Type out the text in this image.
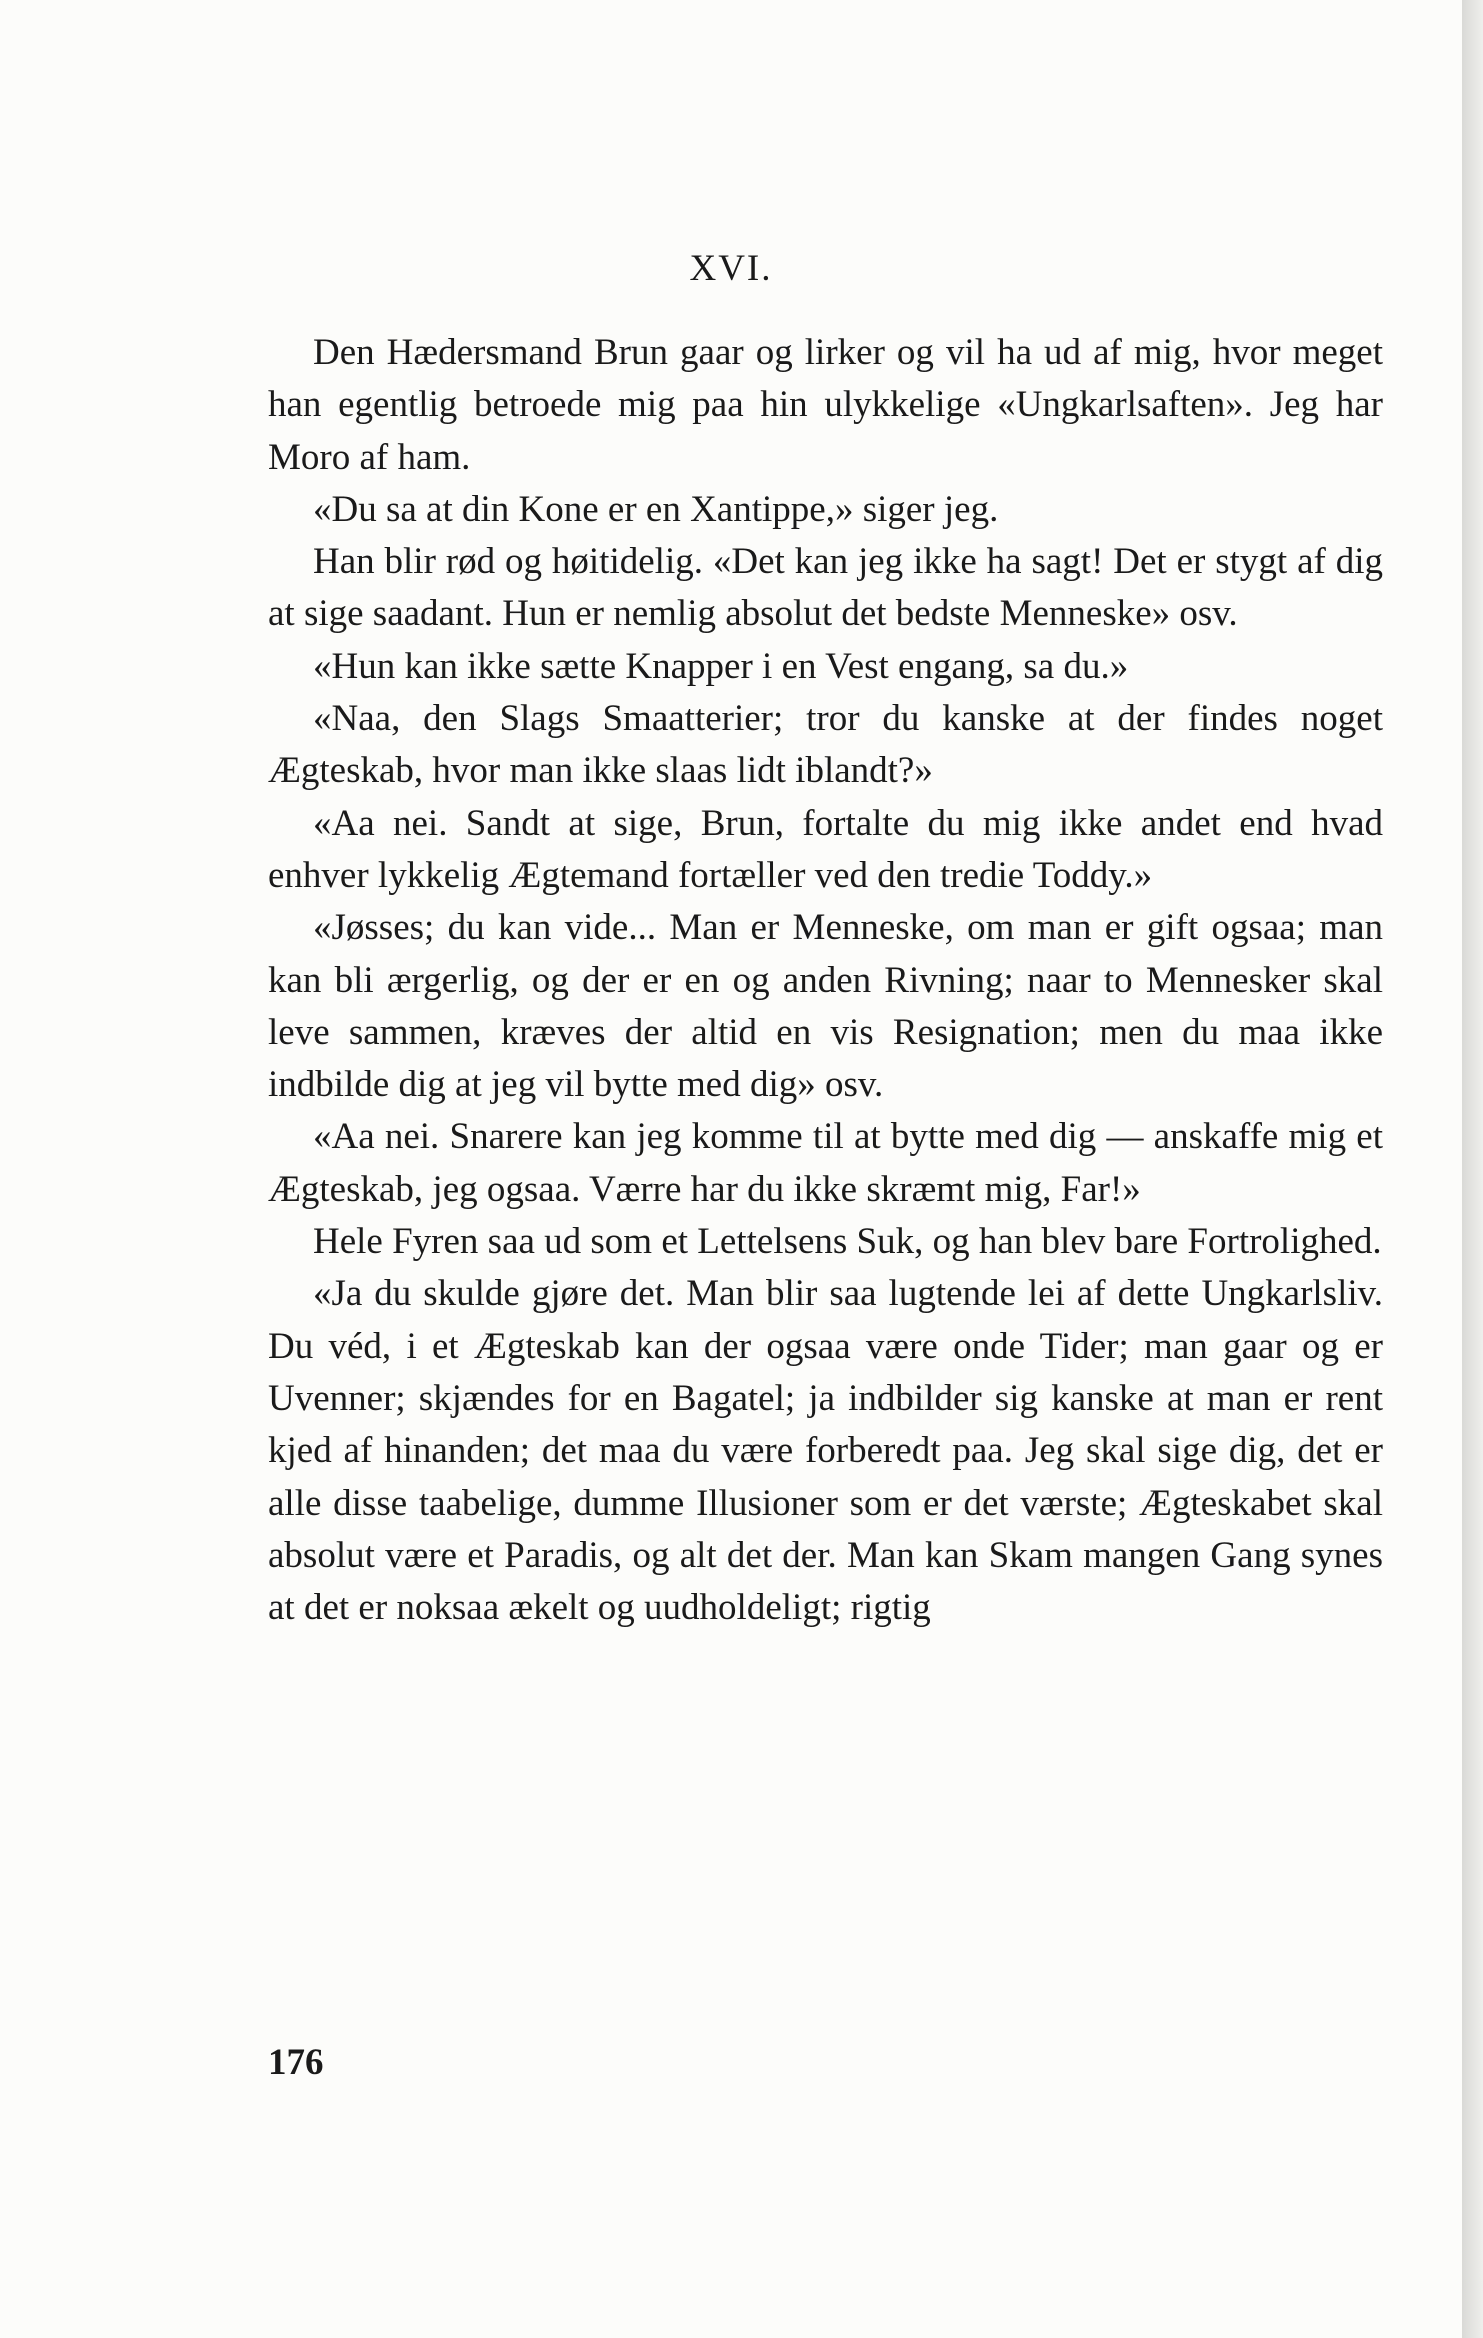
XVI.

Den Hædersmand Brun gaar og lirker og vil ha ud af mig, hvor meget han egentlig betroede mig paa hin ulykkelige «Ungkarlsaften». Jeg har Moro af ham.

«Du sa at din Kone er en Xantippe,» siger jeg.

Han blir rød og høitidelig. «Det kan jeg ikke ha sagt! Det er stygt af dig at sige saadant. Hun er nemlig absolut det bedste Menneske» osv.

«Hun kan ikke sætte Knapper i en Vest engang, sa du.»

«Naa, den Slags Smaatterier; tror du kanske at der findes noget Ægteskab, hvor man ikke slaas lidt iblandt?»

«Aa nei. Sandt at sige, Brun, fortalte du mig ikke andet end hvad enhver lykkelig Ægtemand fortæller ved den tredie Toddy.»

«Jøsses; du kan vide... Man er Menneske, om man er gift ogsaa; man kan bli ærgerlig, og der er en og anden Rivning; naar to Mennesker skal leve sammen, kræves der altid en vis Resignation; men du maa ikke indbilde dig at jeg vil bytte med dig» osv.

«Aa nei. Snarere kan jeg komme til at bytte med dig — anskaffe mig et Ægteskab, jeg ogsaa. Værre har du ikke skræmt mig, Far!»

Hele Fyren saa ud som et Lettelsens Suk, og han blev bare Fortrolighed.

«Ja du skulde gjøre det. Man blir saa lugtende lei af dette Ungkarlsliv. Du véd, i et Ægteskab kan der ogsaa være onde Tider; man gaar og er Uvenner; skjændes for en Bagatel; ja indbilder sig kanske at man er rent kjed af hinanden; det maa du være forberedt paa. Jeg skal sige dig, det er alle disse taabelige, dumme Illusioner som er det værste; Ægteskabet skal absolut være et Paradis, og alt det der. Man kan Skam mangen Gang synes at det er noksaa ækelt og uudholdeligt; rigtig

176
